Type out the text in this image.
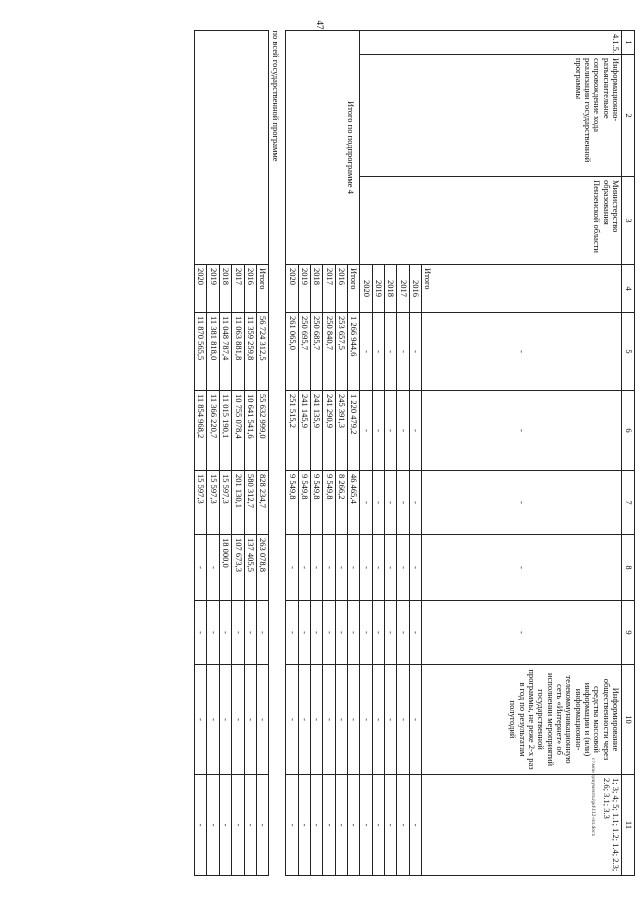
47
c:\мои документы\pd\112-пп.docx
1	2	3	4	5	6	7	8	9	10	11
4.1.5.	Информационно-разъяснительное сопровождение хода реализации государственной программы	Министерство образования Пензенской области	Итого	-	-	-	-	-	Информирование общественности через средства массовой информации и (или) информационно-телекоммуникационную сеть «Интернет» об исполнении мероприятий государственной программы, не реже 2-х раз в год по результатам полугодий	1; 3; 4; 5; 1.1; 1.2; 1.4; 2.3; 2.6; 3.1; 3.3
			2016	-	-	-	-	-	-	-
			2017	-	-	-	-	-	-	-
			2018	-	-	-	-	-	-	-
			2019	-	-	-	-	-	-	-
			2020	-	-	-	-	-	-	-
Итого по подпрограмме 4			Итого	1 266 944,6	1 220 479,2	46 465,4	-	-	-	-
			2016	253 657,5	245 391,3	8 266,2	-	-	-	-
			2017	250 840,7	241 290,9	9 549,8	-	-	-	-
			2018	250 685,7	241 135,9	9 549,8	-	-	-	-
			2019	250 695,7	241 145,9	9 549,8	-	-	-	-
			2020	261 065,0	251 515,2	9 549,8	-	-	-	-
по всей государственной программе										
			Итого	56 724 312,5	55 632 999,0	828 234,7	263 078,8	-	-	-
			2016	11 359 259,8	10 641 541,6	580 312,7	137 405,5	-	-	-
			2017	11 063 881,8	10 755 078,4	201 130,1	107 673,3	-	-	-
			2018	11 048 787,4	11 015 190,1	15 597,3	18 000,0	-	-	-
			2019	11 381 818,0	11 366 220,7	15 597,3	-	-	-	-
			2020	11 870 565,5	11 854 968,2	15 597,3	-	-	-	-
